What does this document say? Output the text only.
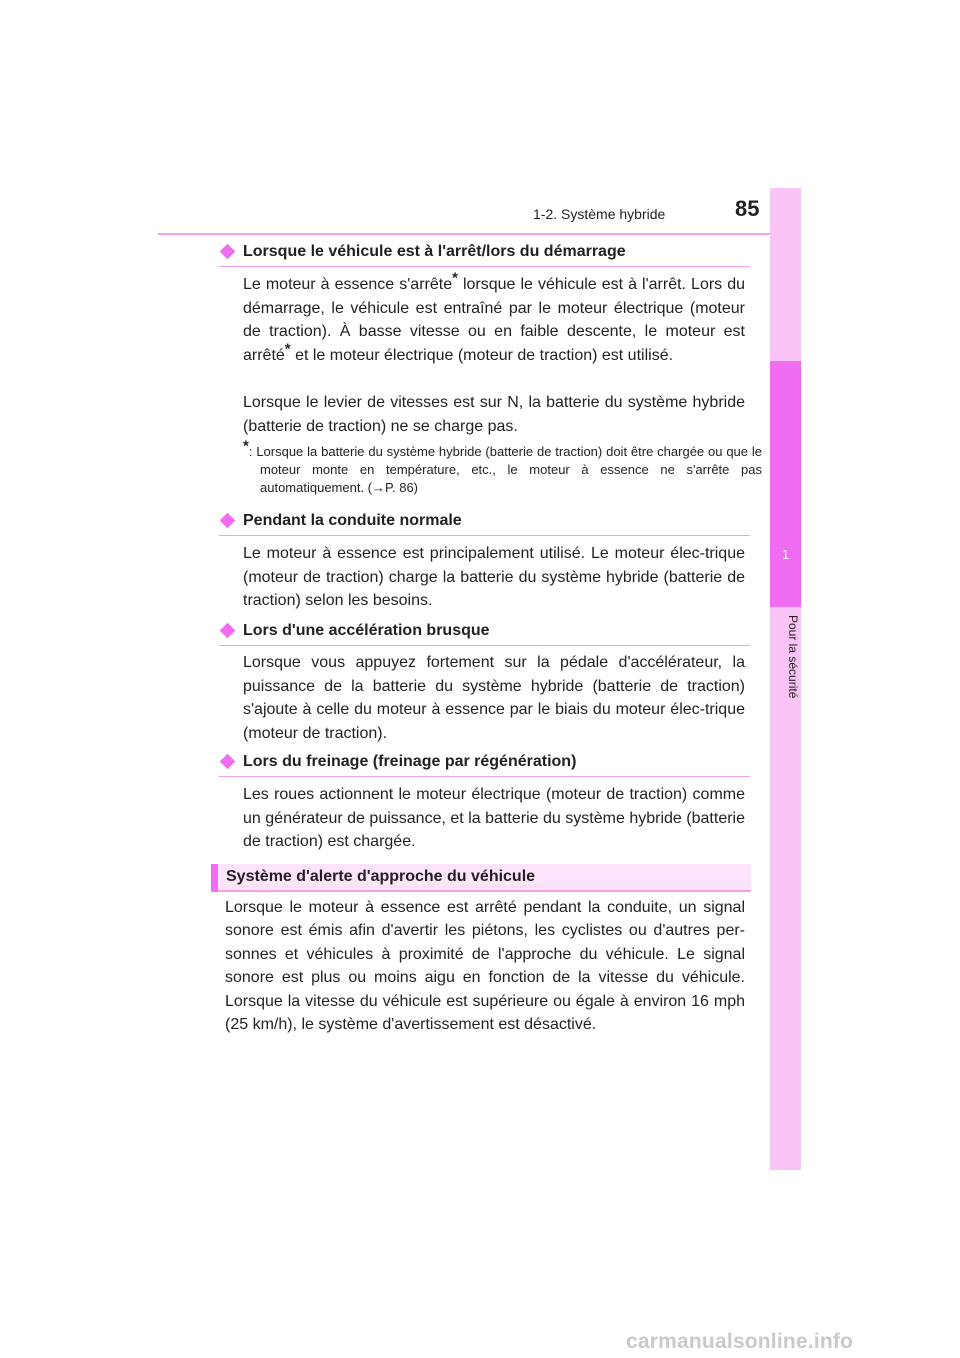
1-2. Système hybride	85
1
Pour la sécurité
Lorsque le véhicule est à l'arrêt/lors du démarrage

Le moteur à essence s'arrête* lorsque le véhicule est à l'arrêt. Lors du démarrage, le véhicule est entraîné par le moteur électrique (moteur de traction). À basse vitesse ou en faible descente, le moteur est arrêté* et le moteur électrique (moteur de traction) est utilisé.

Lorsque le levier de vitesses est sur N, la batterie du système hybride (batterie de traction) ne se charge pas.

*: Lorsque la batterie du système hybride (batterie de traction) doit être chargée ou que le moteur monte en température, etc., le moteur à essence ne s'arrête pas automatiquement. (→P. 86)

Pendant la conduite normale

Le moteur à essence est principalement utilisé. Le moteur élec-trique (moteur de traction) charge la batterie du système hybride (batterie de traction) selon les besoins.

Lors d'une accélération brusque

Lorsque vous appuyez fortement sur la pédale d'accélérateur, la puissance de la batterie du système hybride (batterie de traction) s'ajoute à celle du moteur à essence par le biais du moteur élec-trique (moteur de traction).

Lors du freinage (freinage par régénération)

Les roues actionnent le moteur électrique (moteur de traction) comme un générateur de puissance, et la batterie du système hybride (batterie de traction) est chargée.

Système d'alerte d'approche du véhicule

Lorsque le moteur à essence est arrêté pendant la conduite, un signal sonore est émis afin d'avertir les piétons, les cyclistes ou d'autres per-sonnes et véhicules à proximité de l'approche du véhicule. Le signal sonore est plus ou moins aigu en fonction de la vitesse du véhicule. Lorsque la vitesse du véhicule est supérieure ou égale à environ 16 mph (25 km/h), le système d'avertissement est désactivé.

carmanualsonline.info
